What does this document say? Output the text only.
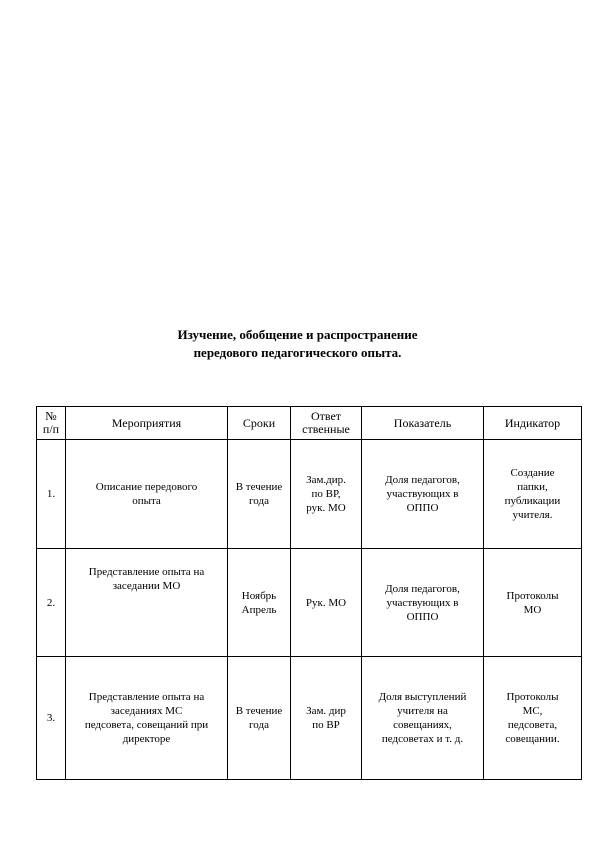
Изучение, обобщение и распространение
передового педагогического опыта.
№
п/п	Мероприятия	Сроки	Ответ
ственные	Показатель	Индикатор
1.	Описание передового
опыта	В течение
года	Зам.дир.
по ВР,
рук. МО	Доля педагогов,
участвующих в
ОППО	Создание
папки,
публикации
учителя.
2.	Представление опыта на
заседании МО	Ноябрь
Апрель	Рук. МО	Доля педагогов,
участвующих в
ОППО	Протоколы
МО
3.	Представление опыта на
заседаниях МС
педсовета, совещаний при
директоре	В течение
года	Зам. дир
по ВР	Доля выступлений
учителя на
совещаниях,
педсоветах и т. д.	Протоколы
МС,
педсовета,
совещании.
